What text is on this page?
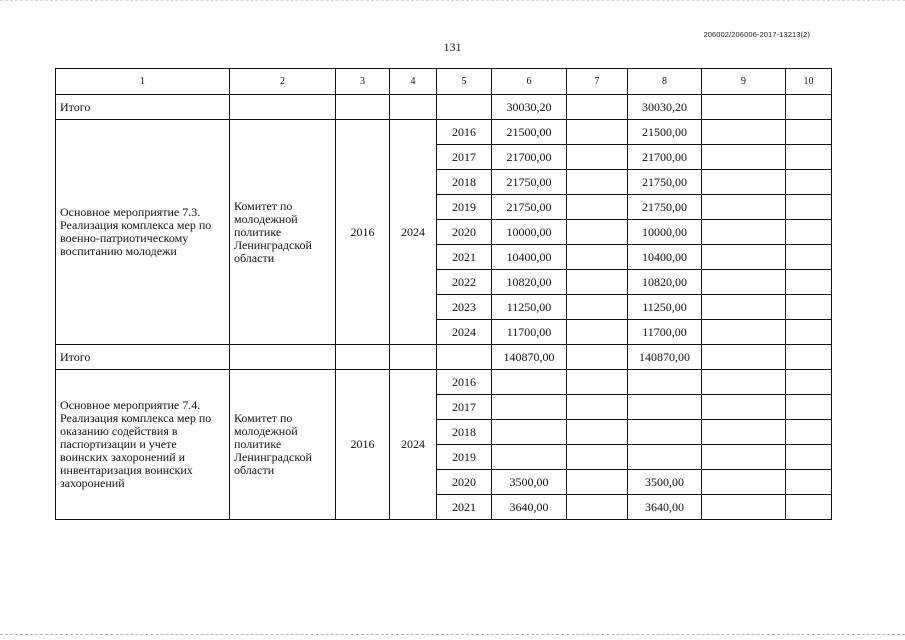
206002/206006-2017-13213(2)
131
1	2	3	4	5	6	7	8	9	10
Итого					30030,20		30030,20		
Основное мероприятие 7.3. Реализация комплекса мер по военно-патриотическому воспитанию молодежи	Комитет по молодежной политике Ленинградской области	2016	2024	2016	21500,00		21500,00		
				2017	21700,00		21700,00		
				2018	21750,00		21750,00		
				2019	21750,00		21750,00		
				2020	10000,00		10000,00		
				2021	10400,00		10400,00		
				2022	10820,00		10820,00		
				2023	11250,00		11250,00		
				2024	11700,00		11700,00		
Итого					140870,00		140870,00		
Основное мероприятие 7.4. Реализация комплекса мер по оказанию содействия в паспортизации и учете воинских захоронений и инвентаризация воинских захоронений	Комитет по молодежной политике Ленинградской области	2016	2024	2016					
				2017					
				2018					
				2019					
				2020	3500,00		3500,00		
				2021	3640,00		3640,00		
